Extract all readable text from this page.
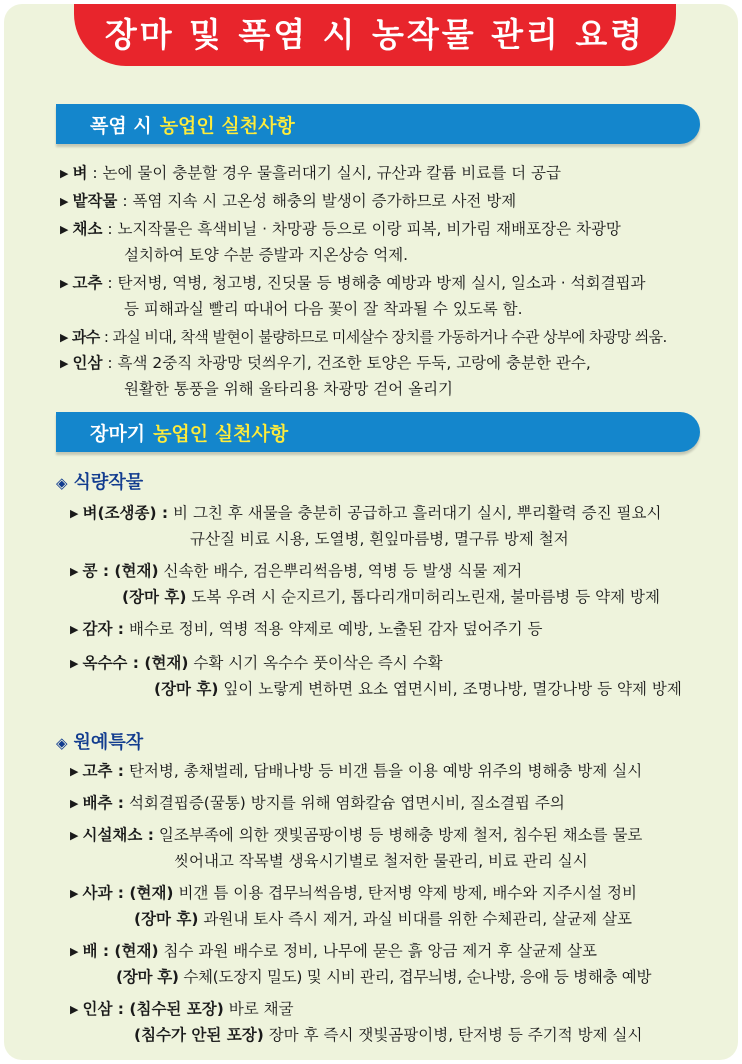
장마 및 폭염 시 농작물 관리 요령
폭염 시 농업인 실천사항
▶ 벼 : 논에 물이 충분할 경우 물흘러대기 실시, 규산과 칼륨 비료를 더 공급
▶ 밭작물 : 폭염 지속 시 고온성 해충의 발생이 증가하므로 사전 방제
▶ 채소 : 노지작물은 흑색비닐 · 차망광 등으로 이랑 피복, 비가림 재배포장은 차광망
설치하여 토양 수분 증발과 지온상승 억제.
▶ 고추 : 탄저병, 역병, 청고병, 진딧물 등 병해충 예방과 방제 실시, 일소과 · 석회결핍과
등 피해과실 빨리 따내어 다음 꽃이 잘 착과될 수 있도록 함.
▶ 과수 : 과실 비대, 착색 발현이 불량하므로 미세살수 장치를 가동하거나 수관 상부에 차광망 씌움.
▶ 인삼 : 흑색 2중직 차광망 덧씌우기, 건조한 토양은 두둑, 고랑에 충분한 관수,
원활한 통풍을 위해 울타리용 차광망 걷어 올리기
장마기 농업인 실천사항
◈ 식량작물
▶ 벼(조생종) : 비 그친 후 새물을 충분히 공급하고 흘러대기 실시, 뿌리활력 증진 필요시
규산질 비료 시용, 도열병, 흰잎마름병, 멸구류 방제 철저
▶ 콩 : (현재) 신속한 배수, 검은뿌리썩음병, 역병 등 발생 식물 제거
(장마 후) 도복 우려 시 순지르기, 톱다리개미허리노린재, 불마름병 등 약제 방제
▶ 감자 : 배수로 정비, 역병 적용 약제로 예방, 노출된 감자 덮어주기 등
▶ 옥수수 : (현재) 수확 시기 옥수수 풋이삭은 즉시 수확
(장마 후) 잎이 노랗게 변하면 요소 엽면시비, 조명나방, 멸강나방 등 약제 방제
◈ 원예특작
▶ 고추 : 탄저병, 총채벌레, 담배나방 등 비갠 틈을 이용 예방 위주의 병해충 방제 실시
▶ 배추 : 석회결핍증(꿀통) 방지를 위해 염화칼슘 엽면시비, 질소결핍 주의
▶ 시설채소 : 일조부족에 의한 잿빛곰팡이병 등 병해충 방제 철저, 침수된 채소를 물로
씻어내고 작목별 생육시기별로 철저한 물관리, 비료 관리 실시
▶ 사과 : (현재) 비갠 틈 이용 겹무늬썩음병, 탄저병 약제 방제, 배수와 지주시설 정비
(장마 후) 과원내 토사 즉시 제거, 과실 비대를 위한 수체관리, 살균제 살포
▶ 배 : (현재) 침수 과원 배수로 정비, 나무에 묻은 흙 앙금 제거 후 살균제 살포
(장마 후) 수체(도장지 밀도) 및 시비 관리, 겹무늬병, 순나방, 응애 등 병해충 예방
▶ 인삼 : (침수된 포장) 바로 채굴
(침수가 안된 포장) 장마 후 즉시 잿빛곰팡이병, 탄저병 등 주기적 방제 실시
